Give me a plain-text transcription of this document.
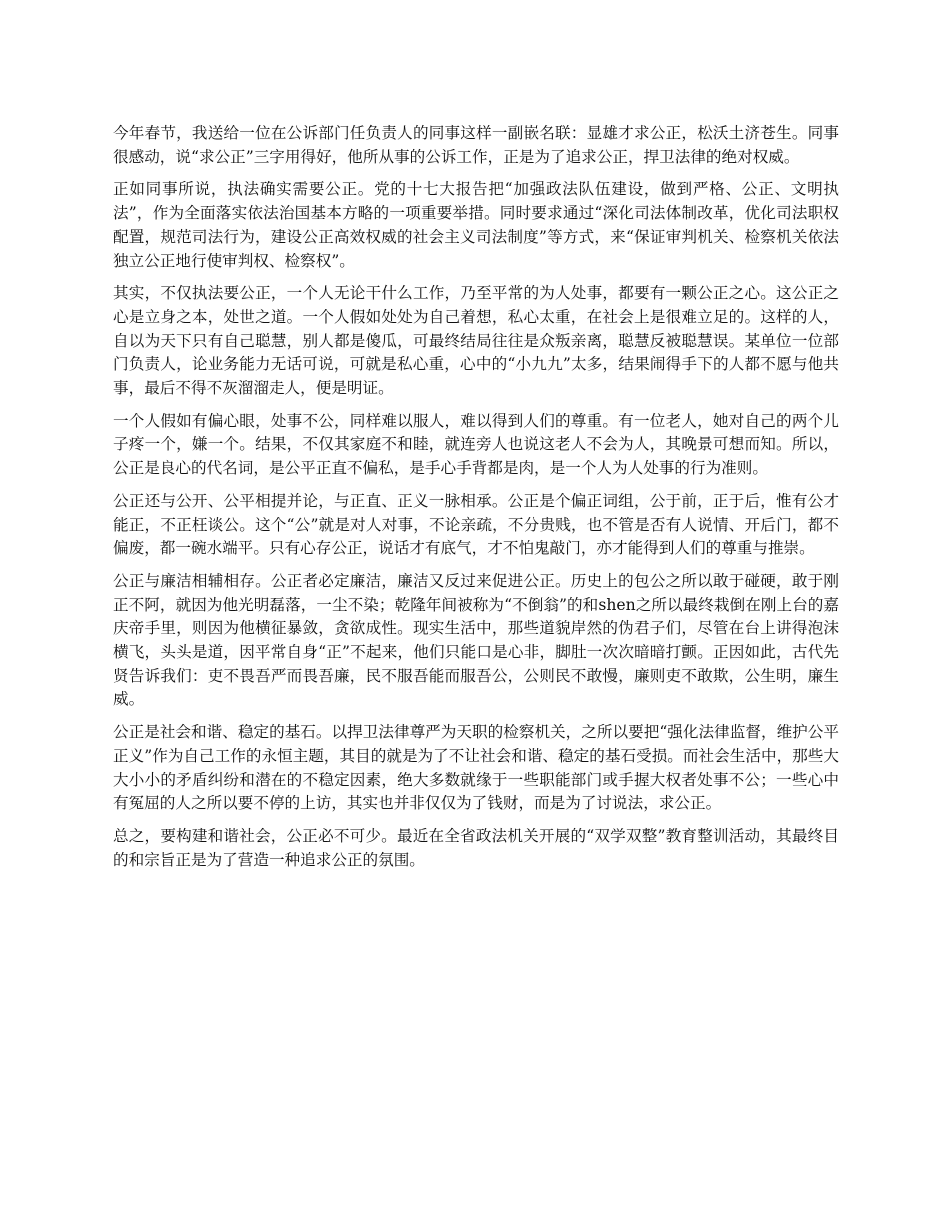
今年春节，我送给一位在公诉部门任负责人的同事这样一副嵌名联：显雄才求公正，松沃土济苍生。同事很感动，说“求公正”三字用得好，他所从事的公诉工作，正是为了追求公正，捍卫法律的绝对权威。

正如同事所说，执法确实需要公正。党的十七大报告把“加强政法队伍建设，做到严格、公正、文明执法”，作为全面落实依法治国基本方略的一项重要举措。同时要求通过“深化司法体制改革，优化司法职权配置，规范司法行为，建设公正高效权威的社会主义司法制度”等方式，来“保证审判机关、检察机关依法独立公正地行使审判权、检察权”。

其实，不仅执法要公正，一个人无论干什么工作，乃至平常的为人处事，都要有一颗公正之心。这公正之心是立身之本，处世之道。一个人假如处处为自己着想，私心太重，在社会上是很难立足的。这样的人，自以为天下只有自己聪慧，别人都是傻瓜，可最终结局往往是众叛亲离，聪慧反被聪慧误。某单位一位部门负责人，论业务能力无话可说，可就是私心重，心中的“小九九”太多，结果闹得手下的人都不愿与他共事，最后不得不灰溜溜走人，便是明证。

一个人假如有偏心眼，处事不公，同样难以服人，难以得到人们的尊重。有一位老人，她对自己的两个儿子疼一个，嫌一个。结果，不仅其家庭不和睦，就连旁人也说这老人不会为人，其晚景可想而知。所以，公正是良心的代名词，是公平正直不偏私，是手心手背都是肉，是一个人为人处事的行为准则。

公正还与公开、公平相提并论，与正直、正义一脉相承。公正是个偏正词组，公于前，正于后，惟有公才能正，不正枉谈公。这个“公”就是对人对事，不论亲疏，不分贵贱，也不管是否有人说情、开后门，都不偏废，都一碗水端平。只有心存公正，说话才有底气，才不怕鬼敲门，亦才能得到人们的尊重与推崇。

公正与廉洁相辅相存。公正者必定廉洁，廉洁又反过来促进公正。历史上的包公之所以敢于碰硬，敢于刚正不阿，就因为他光明磊落，一尘不染；乾隆年间被称为“不倒翁”的和shen之所以最终栽倒在刚上台的嘉庆帝手里，则因为他横征暴敛，贪欲成性。现实生活中，那些道貌岸然的伪君子们，尽管在台上讲得泡沫横飞，头头是道，因平常自身“正”不起来，他们只能口是心非，脚肚一次次暗暗打颤。正因如此，古代先贤告诉我们：吏不畏吾严而畏吾廉，民不服吾能而服吾公，公则民不敢慢，廉则吏不敢欺，公生明，廉生威。

公正是社会和谐、稳定的基石。以捍卫法律尊严为天职的检察机关，之所以要把“强化法律监督，维护公平正义”作为自己工作的永恒主题，其目的就是为了不让社会和谐、稳定的基石受损。而社会生活中，那些大大小小的矛盾纠纷和潜在的不稳定因素，绝大多数就缘于一些职能部门或手握大权者处事不公；一些心中有冤屈的人之所以要不停的上访，其实也并非仅仅为了钱财，而是为了讨说法，求公正。

总之，要构建和谐社会，公正必不可少。最近在全省政法机关开展的“双学双整”教育整训活动，其最终目的和宗旨正是为了营造一种追求公正的氛围。
